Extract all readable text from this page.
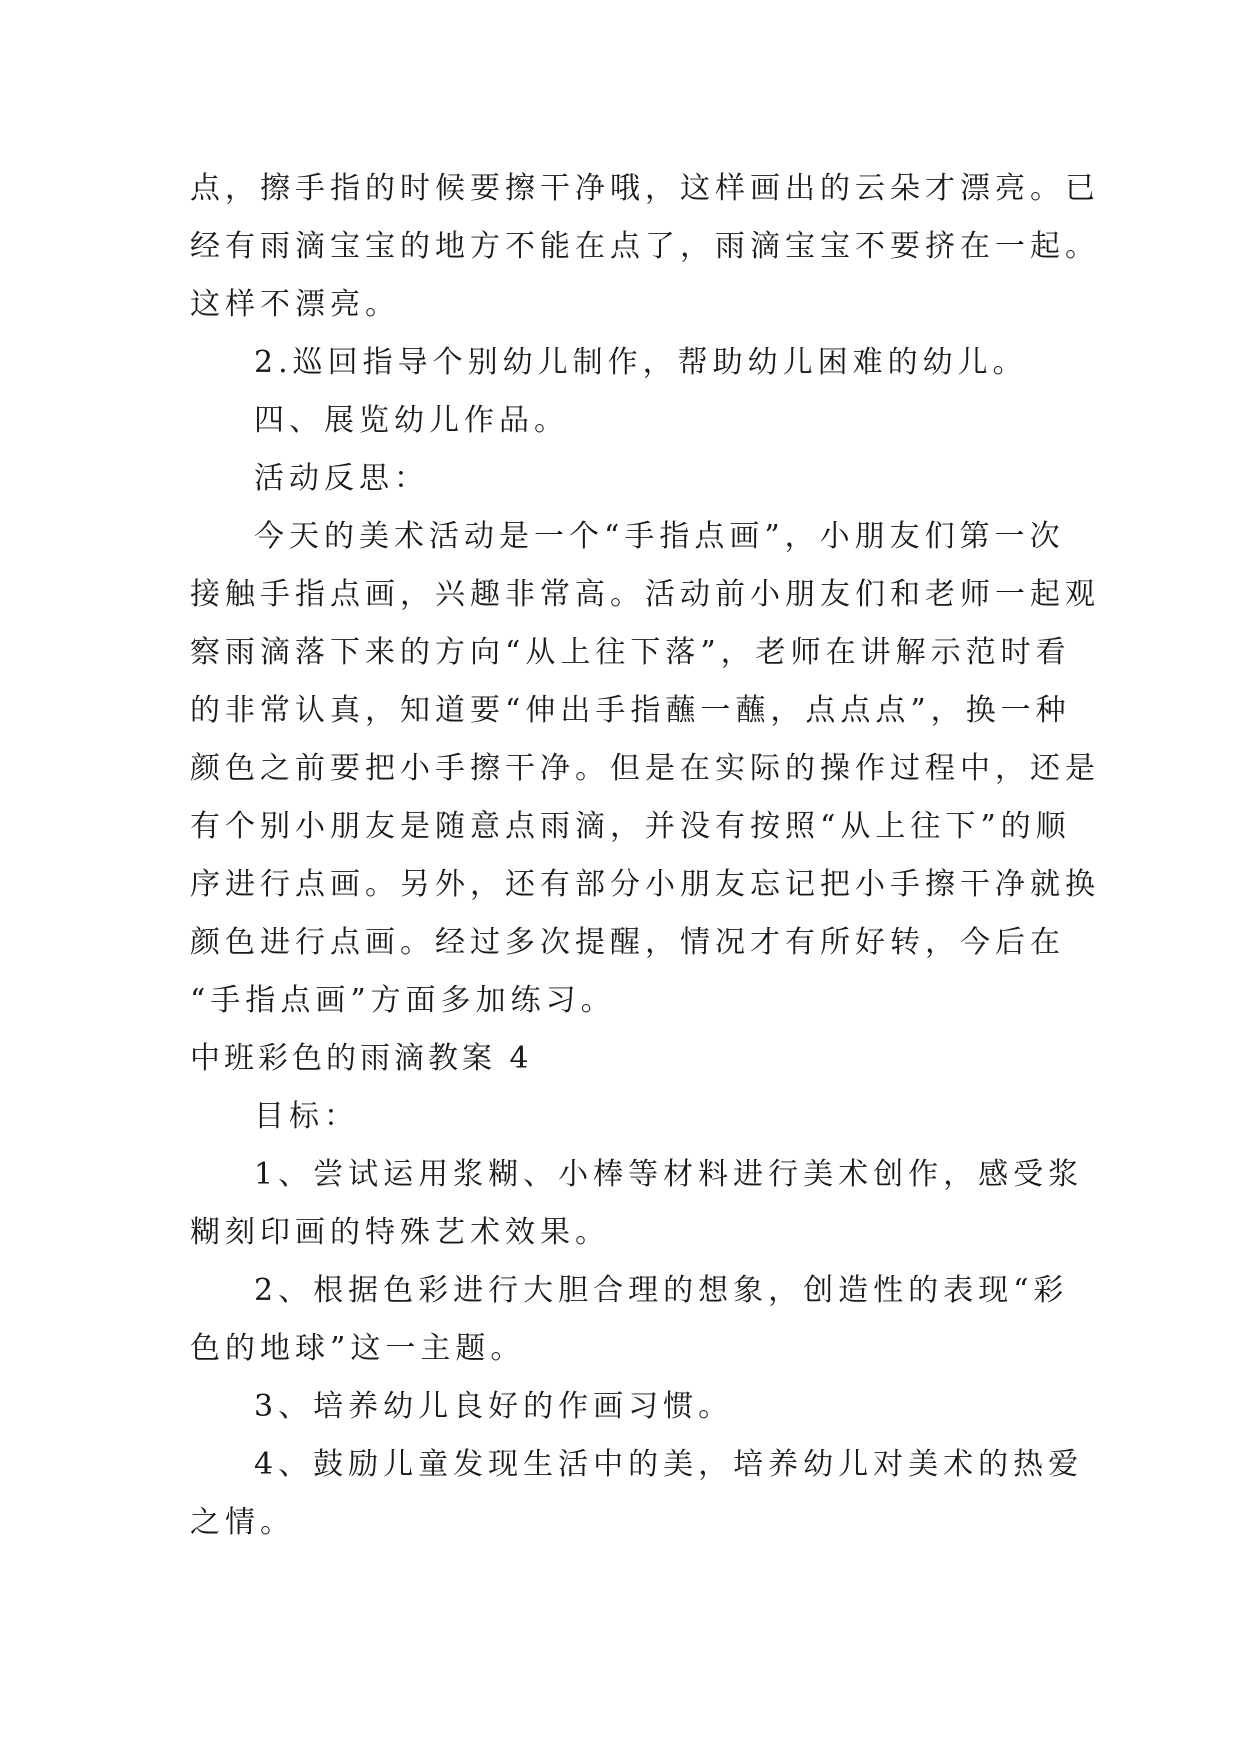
点，擦手指的时候要擦干净哦，这样画出的云朵才漂亮。已
经有雨滴宝宝的地方不能在点了，雨滴宝宝不要挤在一起。
这样不漂亮。
2.巡回指导个别幼儿制作，帮助幼儿困难的幼儿。
四、展览幼儿作品。
活动反思：
今天的美术活动是一个“手指点画”，小朋友们第一次
接触手指点画，兴趣非常高。活动前小朋友们和老师一起观
察雨滴落下来的方向“从上往下落”，老师在讲解示范时看
的非常认真，知道要“伸出手指蘸一蘸，点点点”，换一种
颜色之前要把小手擦干净。但是在实际的操作过程中，还是
有个别小朋友是随意点雨滴，并没有按照“从上往下”的顺
序进行点画。另外，还有部分小朋友忘记把小手擦干净就换
颜色进行点画。经过多次提醒，情况才有所好转，今后在
“手指点画”方面多加练习。
中班彩色的雨滴教案 4
目标：
1、尝试运用浆糊、小棒等材料进行美术创作，感受浆
糊刻印画的特殊艺术效果。
2、根据色彩进行大胆合理的想象，创造性的表现“彩
色的地球”这一主题。
3、培养幼儿良好的作画习惯。
4、鼓励儿童发现生活中的美，培养幼儿对美术的热爱
之情。
